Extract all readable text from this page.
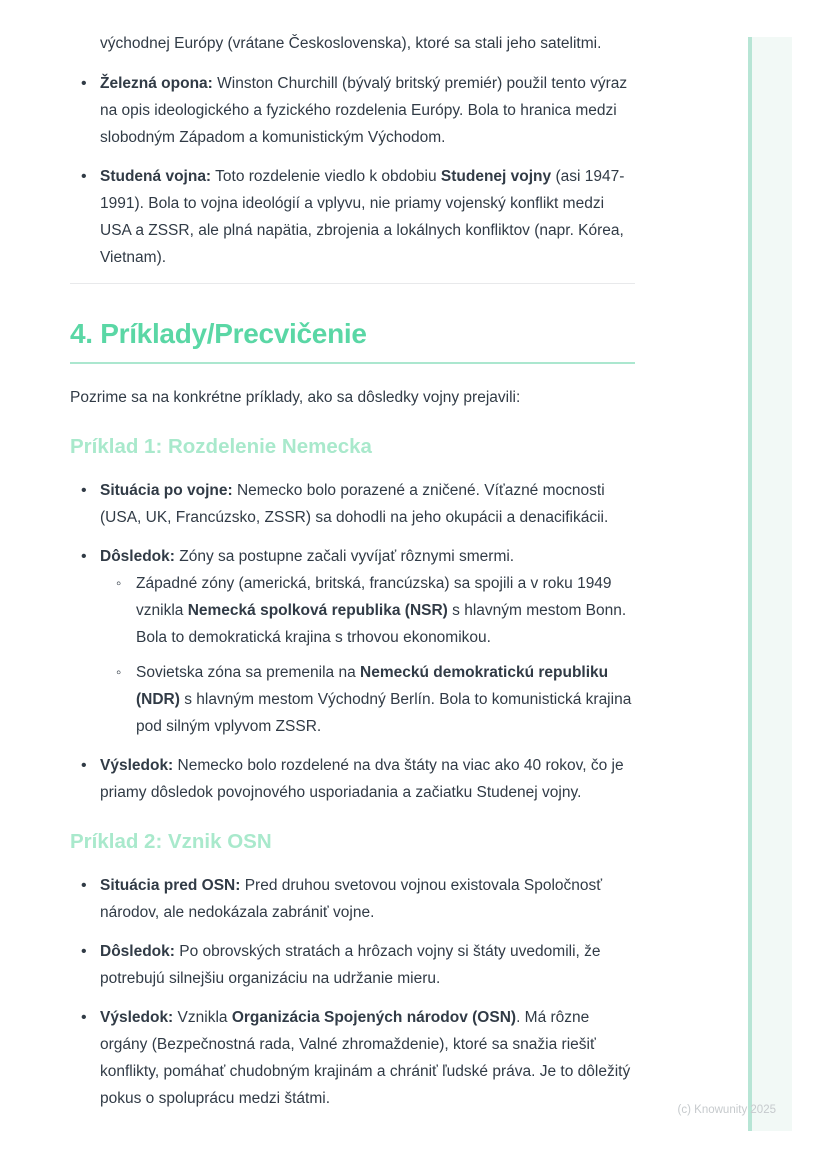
východnej Európy (vrátane Československa), ktoré sa stali jeho satelitmi.

• Železná opona: Winston Churchill (bývalý britský premiér) použil tento výraz na opis ideologického a fyzického rozdelenia Európy. Bola to hranica medzi slobodným Západom a komunistickým Východom.
• Studená vojna: Toto rozdelenie viedlo k obdobiu Studenej vojny (asi 1947-1991). Bola to vojna ideológií a vplyvu, nie priamy vojenský konflikt medzi USA a ZSSR, ale plná napätia, zbrojenia a lokálnych konfliktov (napr. Kórea, Vietnam).
4. Príklady/Precvičenie

Pozrime sa na konkrétne príklady, ako sa dôsledky vojny prejavili:

Príklad 1: Rozdelenie Nemecka
• Situácia po vojne: Nemecko bolo porazené a zničené. Víťazné mocnosti (USA, UK, Francúzsko, ZSSR) sa dohodli na jeho okupácii a denacifikácii.
• Dôsledok: Zóny sa postupne začali vyvíjať rôznymi smermi.
◦ Západné zóny (americká, britská, francúzska) sa spojili a v roku 1949 vznikla Nemecká spolková republika (NSR) s hlavným mestom Bonn. Bola to demokratická krajina s trhovou ekonomikou.
◦ Sovietska zóna sa premenila na Nemeckú demokratickú republiku (NDR) s hlavným mestom Východný Berlín. Bola to komunistická krajina pod silným vplyvom ZSSR.
• Výsledok: Nemecko bolo rozdelené na dva štáty na viac ako 40 rokov, čo je priamy dôsledok povojnového usporiadania a začiatku Studenej vojny.
Príklad 2: Vznik OSN
• Situácia pred OSN: Pred druhou svetovou vojnou existovala Spoločnosť národov, ale nedokázala zabrániť vojne.
• Dôsledok: Po obrovských stratách a hrôzach vojny si štáty uvedomili, že potrebujú silnejšiu organizáciu na udržanie mieru.
• Výsledok: Vznikla Organizácia Spojených národov (OSN). Má rôzne orgány (Bezpečnostná rada, Valné zhromaždenie), ktoré sa snažia riešiť konflikty, pomáhať chudobným krajinám a chrániť ľudské práva. Je to dôležitý pokus o spoluprácu medzi štátmi.
(c) Knowunity 2025
